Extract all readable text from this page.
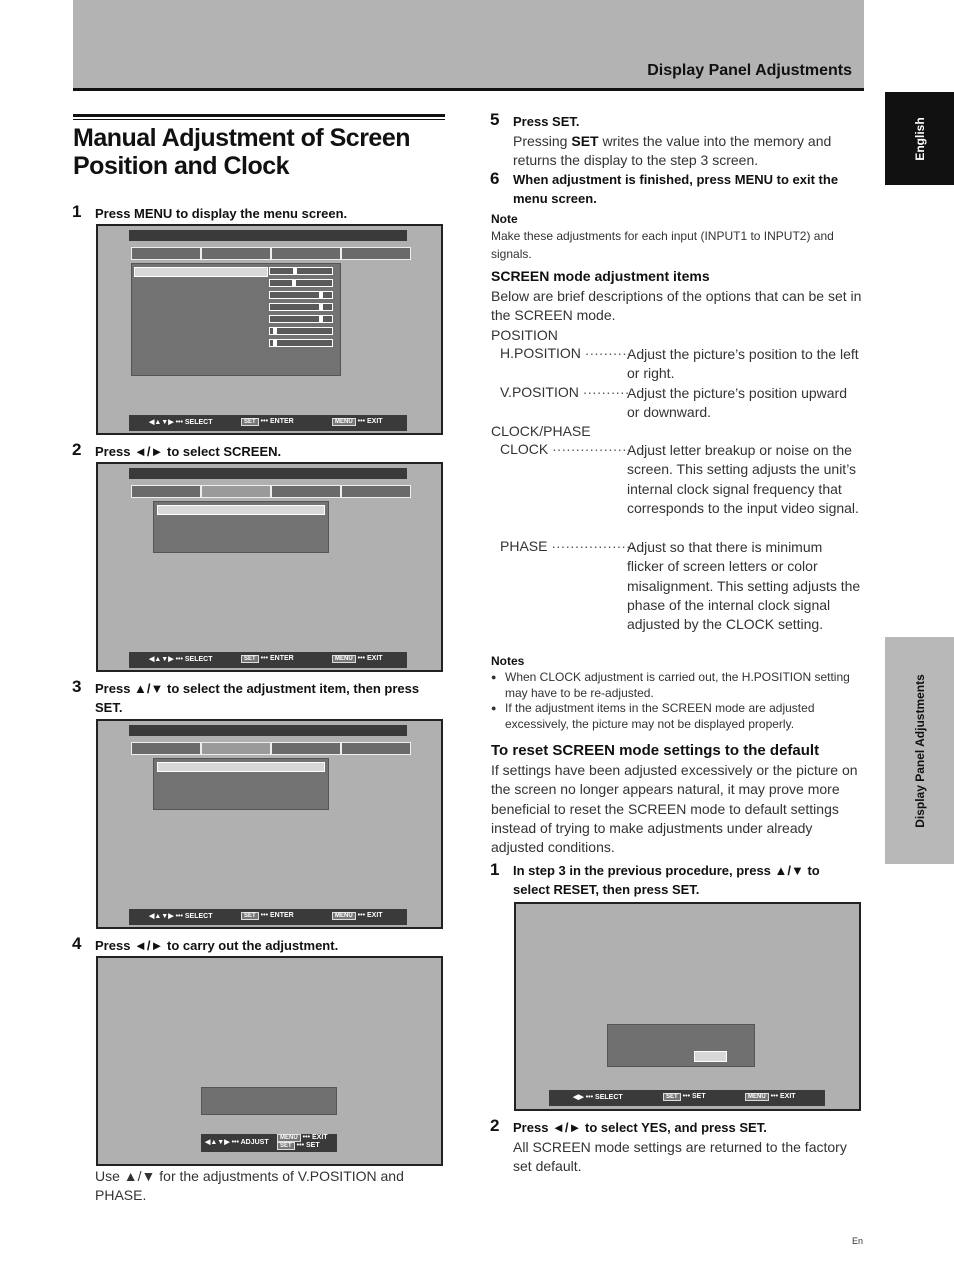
Display Panel Adjustments
English
Display Panel Adjustments
Manual Adjustment of Screen Position and Clock
1 Press MENU to display the menu screen.
◀▲▼▶ ••• SELECT	SET ••• ENTER	MENU ••• EXIT
2 Press ◄/► to select SCREEN.
◀▲▼▶ ••• SELECT	SET ••• ENTER	MENU ••• EXIT
3 Press ▲/▼ to select the adjustment item, then press SET.
◀▲▼▶ ••• SELECT	SET ••• ENTER	MENU ••• EXIT
4 Press ◄/► to carry out the adjustment.
◀▲▼▶ ••• ADJUST
MENU ••• EXIT
SET ••• SET
Use ▲/▼ for the adjustments of V.POSITION and PHASE.
5 Press SET.
Pressing SET writes the value into the memory and returns the display to the step 3 screen.
6 When adjustment is finished, press MENU to exit the menu screen.
Note
Make these adjustments for each input (INPUT1 to INPUT2) and signals.
SCREEN mode adjustment items
Below are brief descriptions of the options that can be set in the SCREEN mode.
POSITION
H.POSITION ··········
Adjust the picture’s position to the left or right.
V.POSITION ··········
Adjust the picture’s position upward or downward.
CLOCK/PHASE
CLOCK ··················
Adjust letter breakup or noise on the screen. This setting adjusts the unit’s internal clock signal frequency that corresponds to the input video signal.
PHASE ··················
Adjust so that there is minimum flicker of screen letters or color misalignment. This setting adjusts the phase of the internal clock signal adjusted by the CLOCK setting.
Notes
● When CLOCK adjustment is carried out, the H.POSITION setting may have to be re-adjusted.
● If the adjustment items in the SCREEN mode are adjusted excessively, the picture may not be displayed properly.
To reset SCREEN mode settings to the default
If settings have been adjusted excessively or the picture on the screen no longer appears natural, it may prove more beneficial to reset the SCREEN mode to default settings instead of trying to make adjustments under already adjusted conditions.
1 In step 3 in the previous procedure, press ▲/▼ to select RESET, then press SET.
◀▶ ••• SELECT	SET ••• SET	MENU ••• EXIT
2 Press ◄/► to select YES, and press SET.
All SCREEN mode settings are returned to the factory set default.
En
